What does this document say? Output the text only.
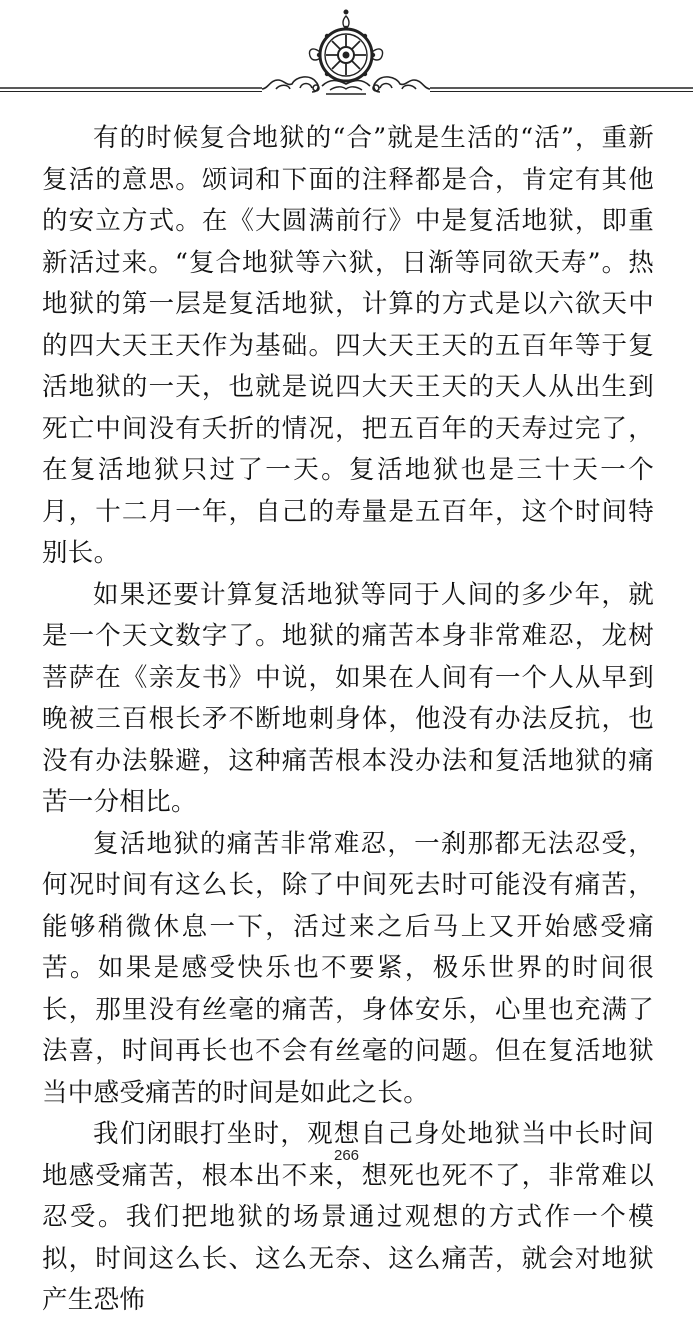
有的时候复合地狱的“合”就是生活的“活”，重新复活的意思。颂词和下面的注释都是合，肯定有其他的安立方式。在《大圆满前行》中是复活地狱，即重新活过来。“复合地狱等六狱，日渐等同欲天寿”。热地狱的第一层是复活地狱，计算的方式是以六欲天中的四大天王天作为基础。四大天王天的五百年等于复活地狱的一天，也就是说四大天王天的天人从出生到死亡中间没有夭折的情况，把五百年的天寿过完了，在复活地狱只过了一天。复活地狱也是三十天一个月，十二月一年，自己的寿量是五百年，这个时间特别长。

如果还要计算复活地狱等同于人间的多少年，就是一个天文数字了。地狱的痛苦本身非常难忍，龙树菩萨在《亲友书》中说，如果在人间有一个人从早到晚被三百根长矛不断地刺身体，他没有办法反抗，也没有办法躲避，这种痛苦根本没办法和复活地狱的痛苦一分相比。

复活地狱的痛苦非常难忍，一刹那都无法忍受，何况时间有这么长，除了中间死去时可能没有痛苦，能够稍微休息一下，活过来之后马上又开始感受痛苦。如果是感受快乐也不要紧，极乐世界的时间很长，那里没有丝毫的痛苦，身体安乐，心里也充满了法喜，时间再长也不会有丝毫的问题。但在复活地狱当中感受痛苦的时间是如此之长。

我们闭眼打坐时，观想自己身处地狱当中长时间地感受痛苦，根本出不来，想死也死不了，非常难以忍受。我们把地狱的场景通过观想的方式作一个模拟，时间这么长、这么无奈、这么痛苦，就会对地狱产生恐怖

266
